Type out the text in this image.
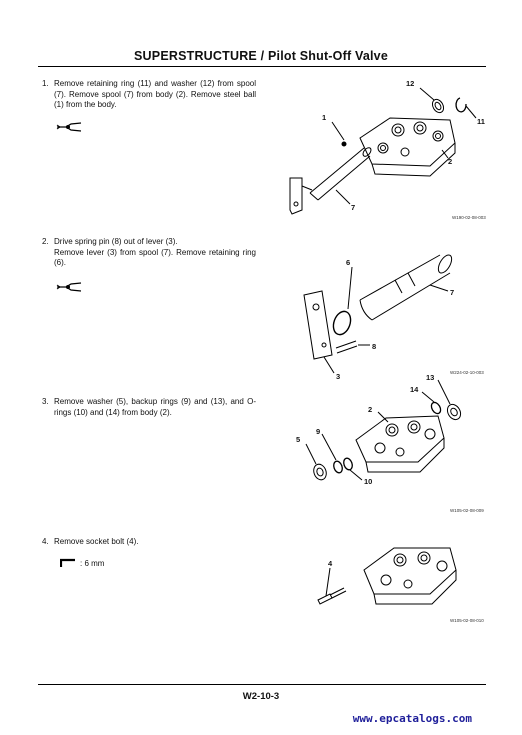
SUPERSTRUCTURE / Pilot Shut-Off Valve
1. Remove retaining ring (11) and washer (12) from spool (7). Remove spool (7) from body (2). Remove steel ball (1) from the body.
1
12
11
2
7
W190-02-08-003
2. Drive spring pin (8) out of lever (3).
Remove lever (3) from spool (7). Remove retaining ring (6).	6
7
8
3	W224-02-10-003
3. Remove washer (5), backup rings (9) and (13), and O-rings (10) and (14) from body (2).
5
9
10
2
14
13
W105-02-08-009
4. Remove socket bolt (4).
: 6 mm	4
W105-02-08-010
W2-10-3
www.epcatalogs.com
